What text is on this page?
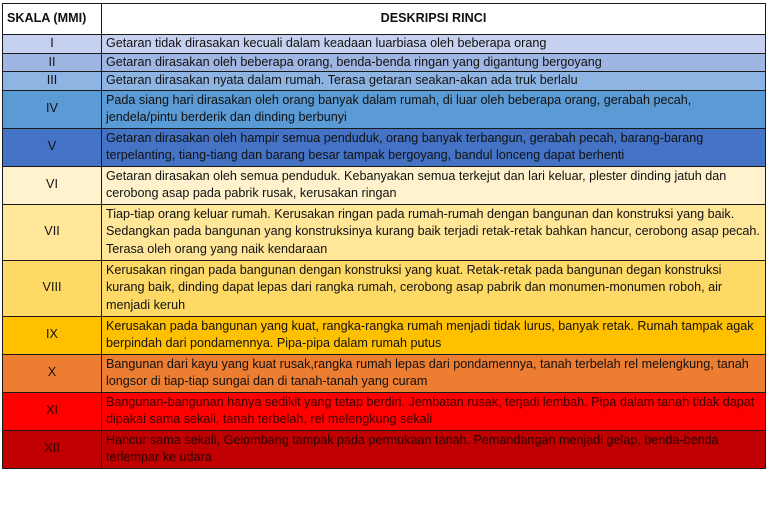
SKALA (MMI)	DESKRIPSI RINCI
I	Getaran tidak dirasakan kecuali dalam keadaan luarbiasa oleh beberapa orang
II	Getaran dirasakan oleh beberapa orang, benda-benda ringan yang digantung bergoyang
III	Getaran dirasakan nyata dalam rumah. Terasa getaran seakan-akan ada truk berlalu
IV	Pada siang hari dirasakan oleh orang banyak dalam rumah, di luar oleh beberapa orang, gerabah pecah, jendela/pintu berderik dan dinding berbunyi
V	Getaran dirasakan oleh hampir semua penduduk, orang banyak terbangun, gerabah pecah, barang-barang terpelanting, tiang-tiang dan barang besar tampak bergoyang, bandul lonceng dapat berhenti
VI	Getaran dirasakan oleh semua penduduk. Kebanyakan semua terkejut dan lari keluar, plester dinding jatuh dan cerobong asap pada pabrik rusak, kerusakan ringan
VII	Tiap-tiap orang keluar rumah. Kerusakan ringan pada rumah-rumah dengan bangunan dan konstruksi yang baik. Sedangkan pada bangunan yang konstruksinya kurang baik terjadi retak-retak bahkan hancur, cerobong asap pecah. Terasa oleh orang yang naik kendaraan
VIII	Kerusakan ringan pada bangunan dengan konstruksi yang kuat. Retak-retak pada bangunan degan konstruksi kurang baik, dinding dapat lepas dari rangka rumah, cerobong asap pabrik dan monumen-monumen roboh, air menjadi keruh
IX	Kerusakan pada bangunan yang kuat, rangka-rangka rumah menjadi tidak lurus, banyak retak. Rumah tampak agak berpindah dari pondamennya. Pipa-pipa dalam rumah putus
X	Bangunan dari kayu yang kuat rusak,rangka rumah lepas dari pondamennya, tanah terbelah rel melengkung, tanah longsor di tiap-tiap sungai dan di tanah-tanah yang curam
XI	Bangunan-bangunan hanya sedikit yang tetap berdiri. Jembatan rusak, terjadi lembah. Pipa dalam tanah tidak dapat dipakai sama sekali, tanah terbelah, rel melengkung sekali
XII	Hancur sama sekali, Gelombang tampak pada permukaan tanah. Pemandangan menjadi gelap, benda-benda terlempar ke udara
